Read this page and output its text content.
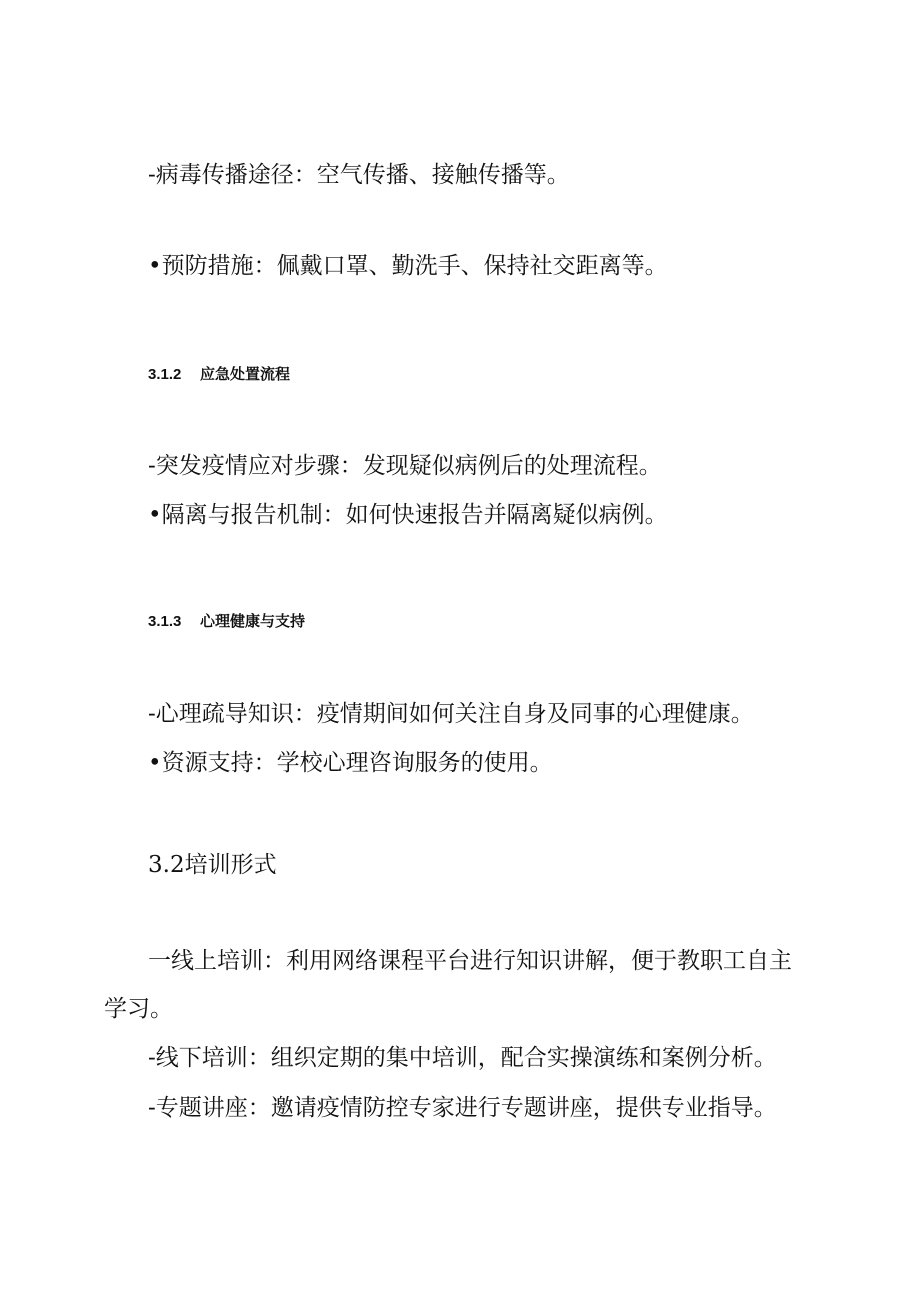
-病毒传播途径：空气传播、接触传播等。
•预防措施：佩戴口罩、勤洗手、保持社交距离等。
3.1.2 应急处置流程
-突发疫情应对步骤：发现疑似病例后的处理流程。
•隔离与报告机制：如何快速报告并隔离疑似病例。
3.1.3 心理健康与支持
-心理疏导知识：疫情期间如何关注自身及同事的心理健康。
•资源支持：学校心理咨询服务的使用。
3.2培训形式
一线上培训：利用网络课程平台进行知识讲解，便于教职工自主
学习。
-线下培训：组织定期的集中培训，配合实操演练和案例分析。
-专题讲座：邀请疫情防控专家进行专题讲座，提供专业指导。
